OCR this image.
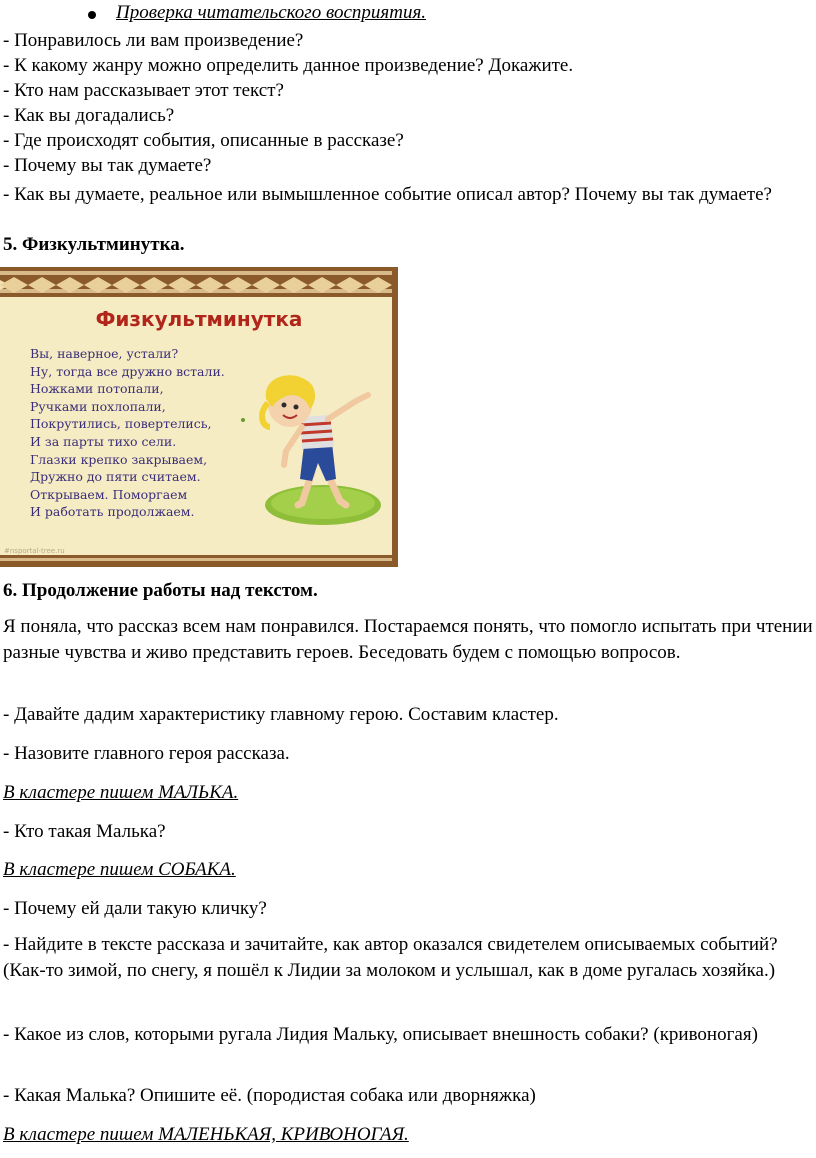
Проверка читательского восприятия.
- Понравилось ли вам произведение?
- К какому жанру можно определить данное произведение? Докажите.
- Кто нам рассказывает этот текст?
- Как вы догадались?
- Где происходят события, описанные в рассказе?
- Почему вы так думаете?
- Как вы думаете, реальное или вымышленное событие описал автор? Почему вы так думаете?
5. Физкультминутка.
Физкультминутка
Вы, наверное, устали?
Ну, тогда все дружно встали.
Ножками потопали,
Ручками похлопали,
Покрутились, повертелись,
И за парты тихо сели.
Глазки крепко закрываем,
Дружно до пяти считаем.
Открываем. Поморгаем
И работать продолжаем.
#nsportal-tree.ru
6. Продолжение работы над текстом.
Я поняла, что рассказ всем нам понравился. Постараемся понять, что помогло испытать при чтении разные чувства и живо представить героев. Беседовать будем с помощью вопросов.
- Давайте дадим характеристику главному герою. Составим кластер.
- Назовите главного героя рассказа.
В кластере пишем МАЛЬКА.
- Кто такая Малька?
В кластере пишем СОБАКА.
- Почему ей дали такую кличку?
- Найдите в тексте рассказа и зачитайте, как автор оказался свидетелем описываемых событий? (Как-то зимой, по снегу, я пошёл к Лидии за молоком и услышал, как в доме ругалась хозяйка.)
- Какое из слов, которыми ругала Лидия Мальку, описывает внешность собаки? (кривоногая)
- Какая Малька? Опишите её. (породистая собака или дворняжка)
В кластере пишем МАЛЕНЬКАЯ, КРИВОНОГАЯ.
